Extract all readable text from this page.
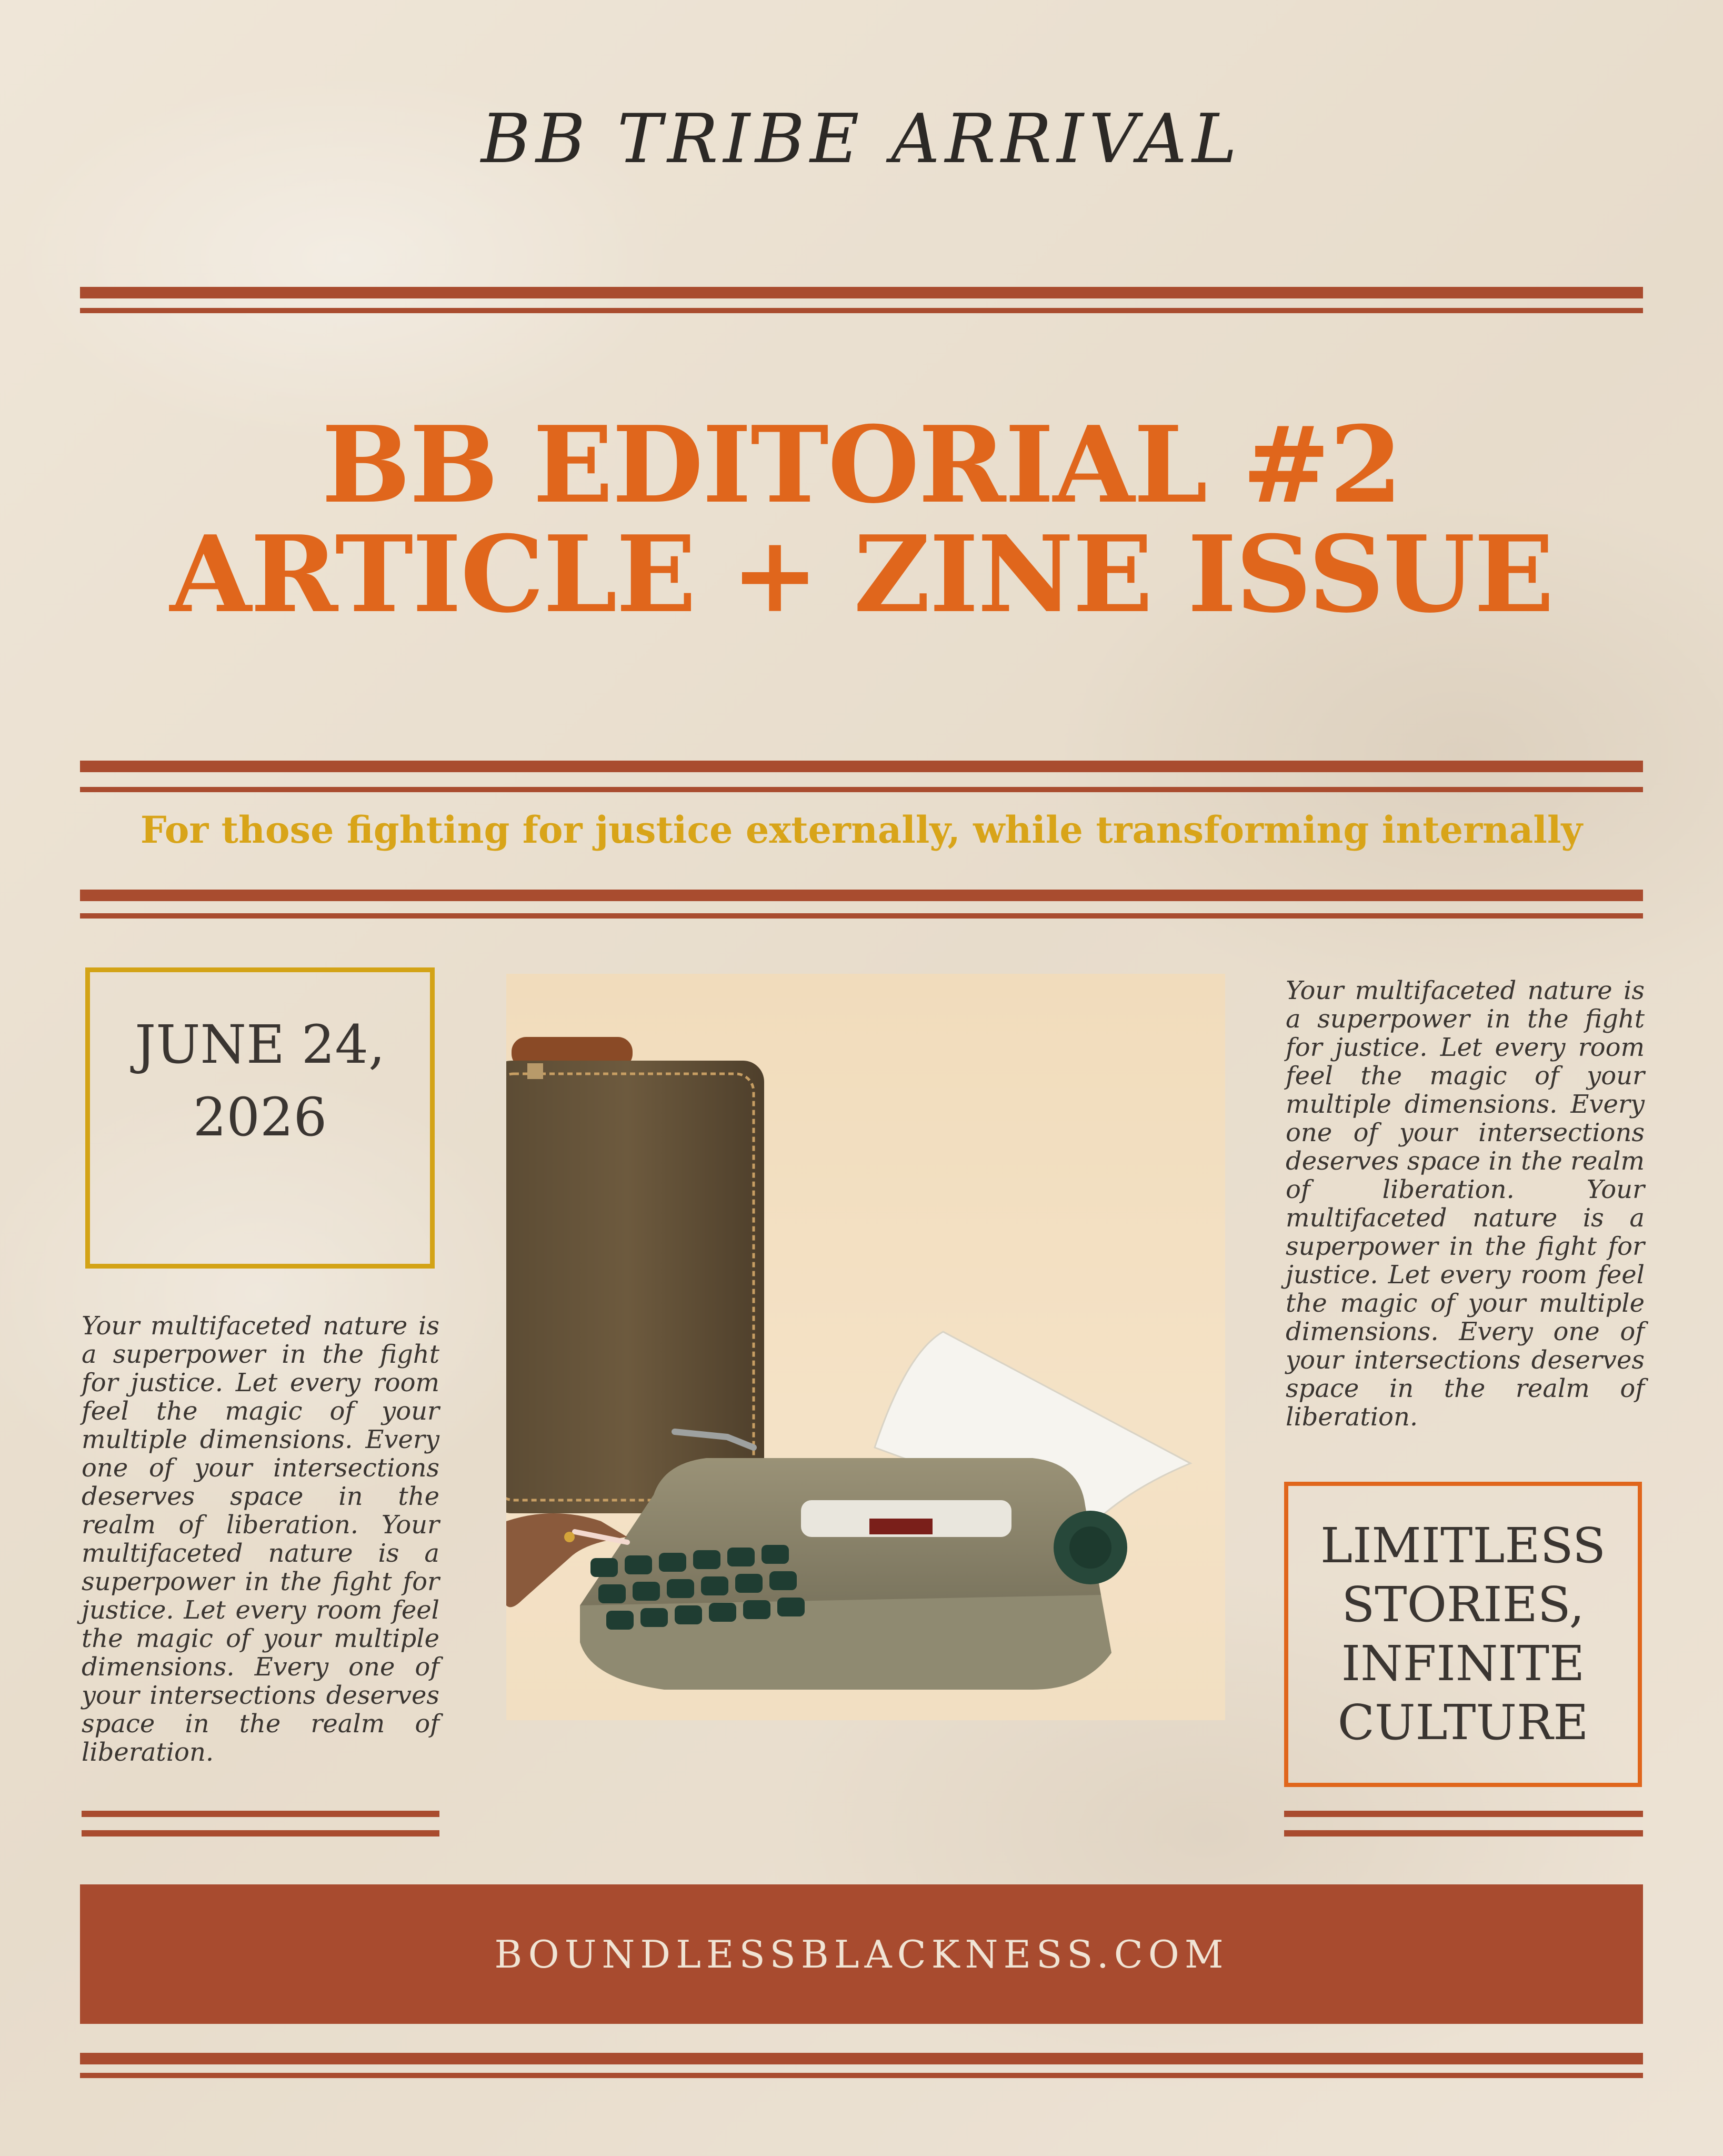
BB TRIBE ARRIVAL
BB EDITORIAL #2
ARTICLE + ZINE ISSUE
For those fighting for justice externally, while transforming internally
JUNE 24,
2026
Your multifaceted nature is a superpower in the fight for justice. Let every room feel the magic of your multiple dimensions. Every one of your intersections deserves space in the realm of liberation. Your multifaceted nature is a superpower in the fight for justice. Let every room feel the magic of your multiple dimensions. Every one of your intersections deserves space in the realm of liberation.
Your multifaceted nature is a superpower in the fight for justice. Let every room feel the magic of your multiple dimensions. Every one of your intersections deserves space in the realm of liberation. Your multifaceted nature is a superpower in the fight for justice. Let every room feel the magic of your multiple dimensions. Every one of your intersections deserves space in the realm of liberation.
LIMITLESS
STORIES,
INFINITE
CULTURE
BOUNDLESSBLACKNESS.COM
